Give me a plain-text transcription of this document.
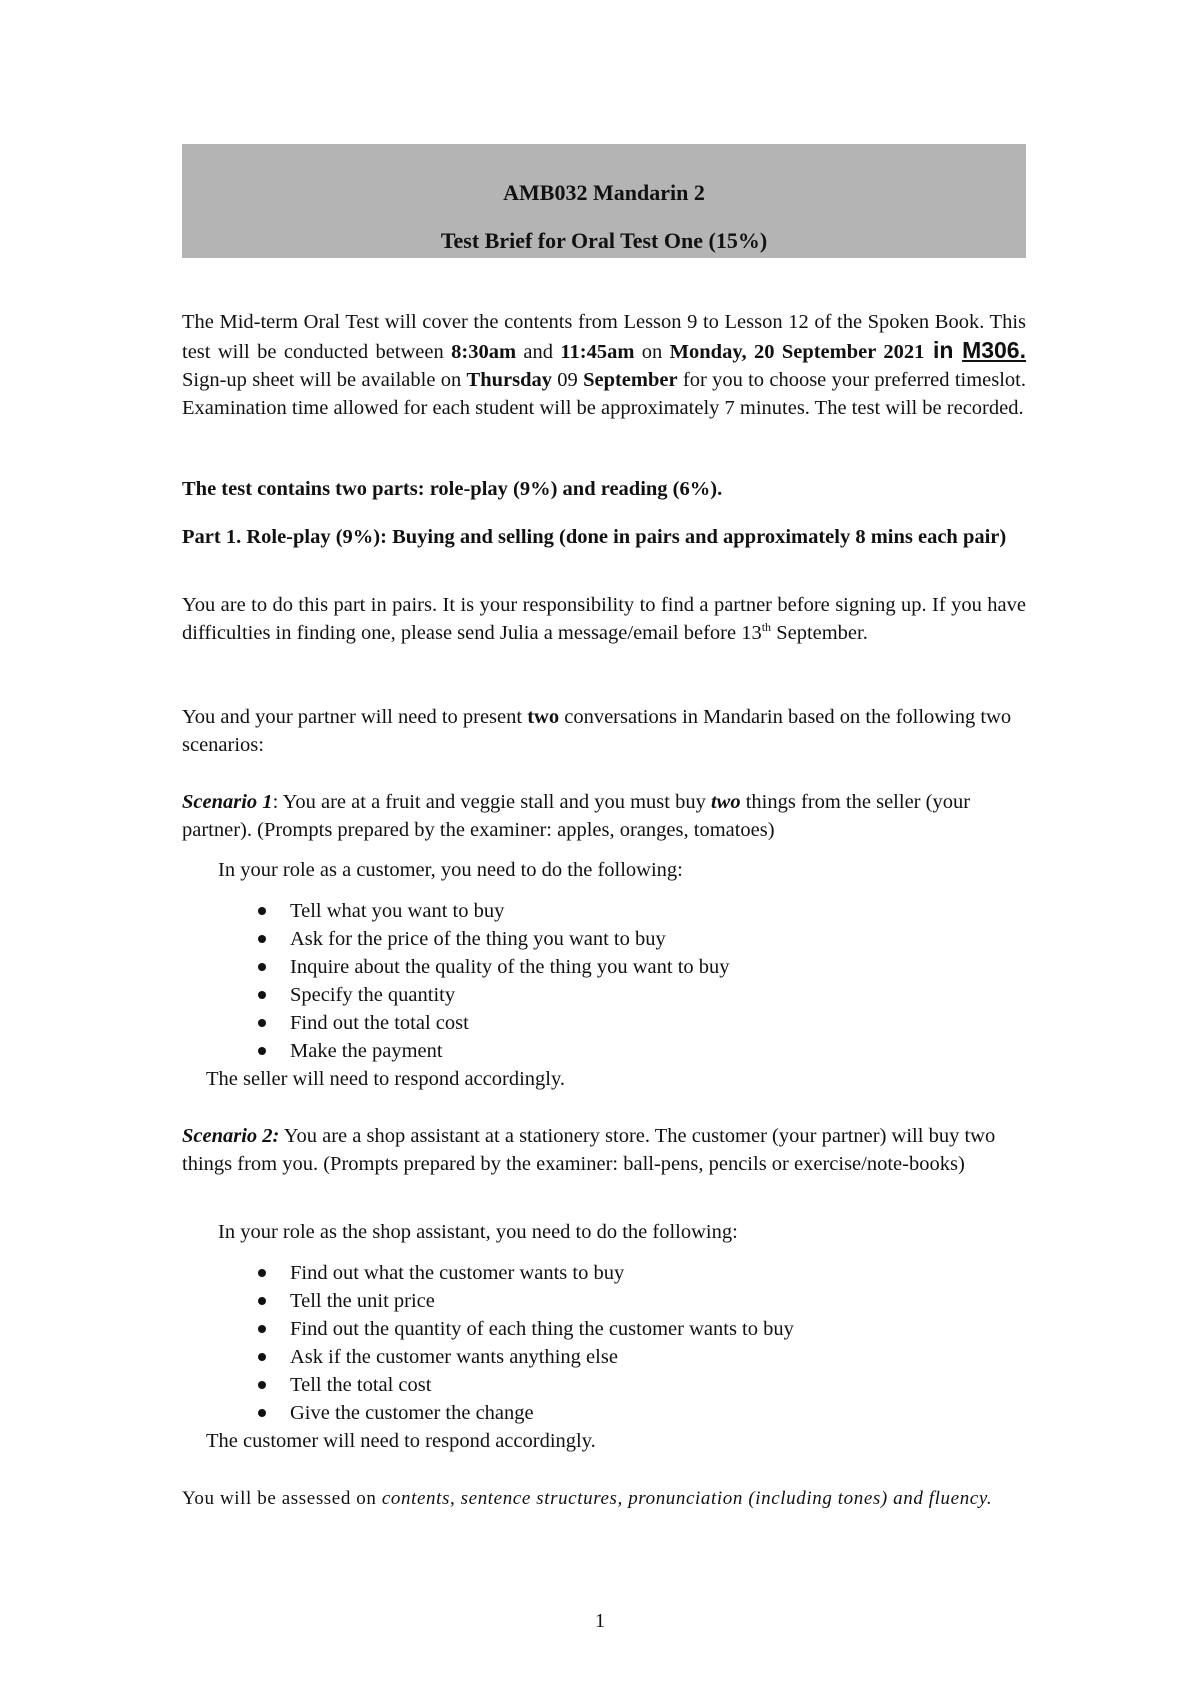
AMB032 Mandarin 2
Test Brief for Oral Test One (15%)
The Mid-term Oral Test will cover the contents from Lesson 9 to Lesson 12 of the Spoken Book. This test will be conducted between 8:30am and 11:45am on Monday, 20 September 2021 in M306. Sign-up sheet will be available on Thursday 09 September for you to choose your preferred timeslot. Examination time allowed for each student will be approximately 7 minutes. The test will be recorded.
The test contains two parts: role-play (9%) and reading (6%).
Part 1. Role-play (9%): Buying and selling (done in pairs and approximately 8 mins each pair)
You are to do this part in pairs. It is your responsibility to find a partner before signing up. If you have difficulties in finding one, please send Julia a message/email before 13th September.
You and your partner will need to present two conversations in Mandarin based on the following two scenarios:
Scenario 1: You are at a fruit and veggie stall and you must buy two things from the seller (your partner). (Prompts prepared by the examiner: apples, oranges, tomatoes)
In your role as a customer, you need to do the following:
Tell what you want to buy
Ask for the price of the thing you want to buy
Inquire about the quality of the thing you want to buy
Specify the quantity
Find out the total cost
Make the payment
The seller will need to respond accordingly.
Scenario 2: You are a shop assistant at a stationery store. The customer (your partner) will buy two things from you. (Prompts prepared by the examiner: ball-pens, pencils or exercise/note-books)
In your role as the shop assistant, you need to do the following:
Find out what the customer wants to buy
Tell the unit price
Find out the quantity of each thing the customer wants to buy
Ask if the customer wants anything else
Tell the total cost
Give the customer the change
The customer will need to respond accordingly.
You will be assessed on contents, sentence structures, pronunciation (including tones) and fluency.
1
